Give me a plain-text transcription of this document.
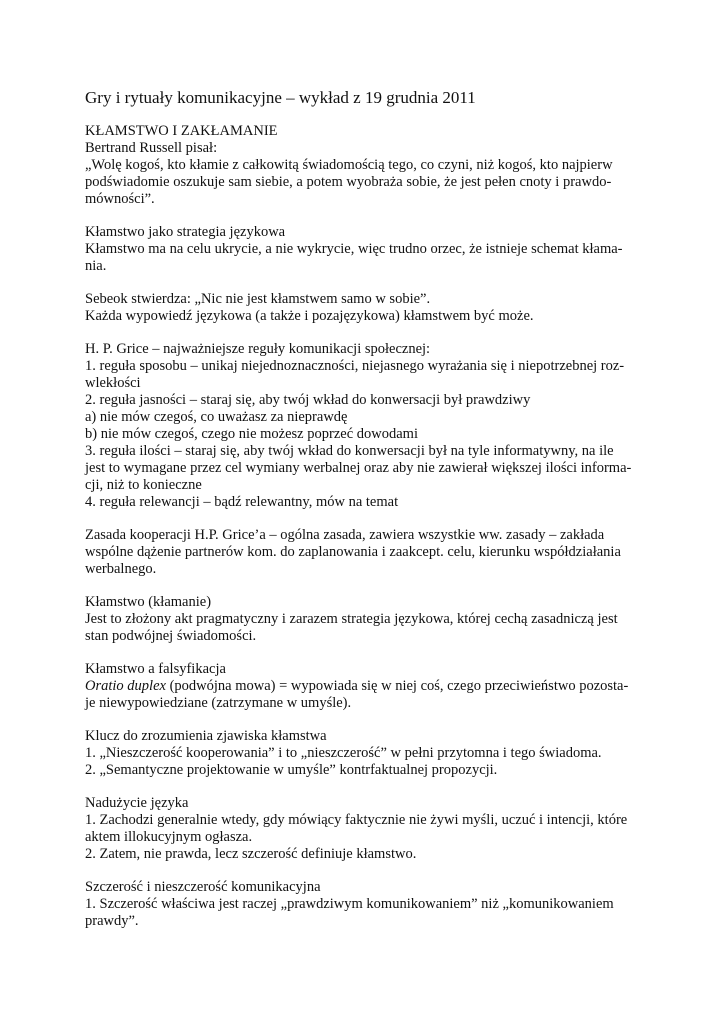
Gry i rytuały komunikacyjne – wykład z 19 grudnia 2011
KŁAMSTWO I ZAKŁAMANIE
Bertrand Russell pisał:
„Wolę kogoś, kto kłamie z całkowitą świadomością tego, co czyni, niż kogoś, kto najpierw
podświadomie oszukuje sam siebie, a potem wyobraża sobie, że jest pełen cnoty i prawdo-
mówności”.
Kłamstwo jako strategia językowa
Kłamstwo ma na celu ukrycie, a nie wykrycie, więc trudno orzec, że istnieje schemat kłama-
nia.
Sebeok stwierdza: „Nic nie jest kłamstwem samo w sobie”.
Każda wypowiedź językowa (a także i pozajęzykowa) kłamstwem być może.
H. P. Grice – najważniejsze reguły komunikacji społecznej:
1. reguła sposobu – unikaj niejednoznaczności, niejasnego wyrażania się i niepotrzebnej roz-
wlekłości
2. reguła jasności – staraj się, aby twój wkład do konwersacji był prawdziwy
a) nie mów czegoś, co uważasz za nieprawdę
b) nie mów czegoś, czego nie możesz poprzeć dowodami
3. reguła ilości – staraj się, aby twój wkład do konwersacji był na tyle informatywny, na ile
jest to wymagane przez cel wymiany werbalnej oraz aby nie zawierał większej ilości informa-
cji, niż to konieczne
4. reguła relewancji – bądź relewantny, mów na temat
Zasada kooperacji H.P. Grice’a – ogólna zasada, zawiera wszystkie ww. zasady – zakłada
wspólne dążenie partnerów kom. do zaplanowania i zaakcept. celu, kierunku współdziałania
werbalnego.
Kłamstwo (kłamanie)
Jest to złożony akt pragmatyczny i zarazem strategia językowa, której cechą zasadniczą jest
stan podwójnej świadomości.
Kłamstwo a falsyfikacja
Oratio duplex (podwójna mowa) = wypowiada się w niej coś, czego przeciwieństwo pozosta-
je niewypowiedziane (zatrzymane w umyśle).
Klucz do zrozumienia zjawiska kłamstwa
1. „Nieszczerość kooperowania” i to „nieszczerość” w pełni przytomna i tego świadoma.
2. „Semantyczne projektowanie w umyśle” kontrfaktualnej propozycji.
Nadużycie języka
1. Zachodzi generalnie wtedy, gdy mówiący faktycznie nie żywi myśli, uczuć i intencji, które
aktem illokucyjnym ogłasza.
2. Zatem, nie prawda, lecz szczerość definiuje kłamstwo.
Szczerość i nieszczerość komunikacyjna
1. Szczerość właściwa jest raczej „prawdziwym komunikowaniem” niż „komunikowaniem
prawdy”.
